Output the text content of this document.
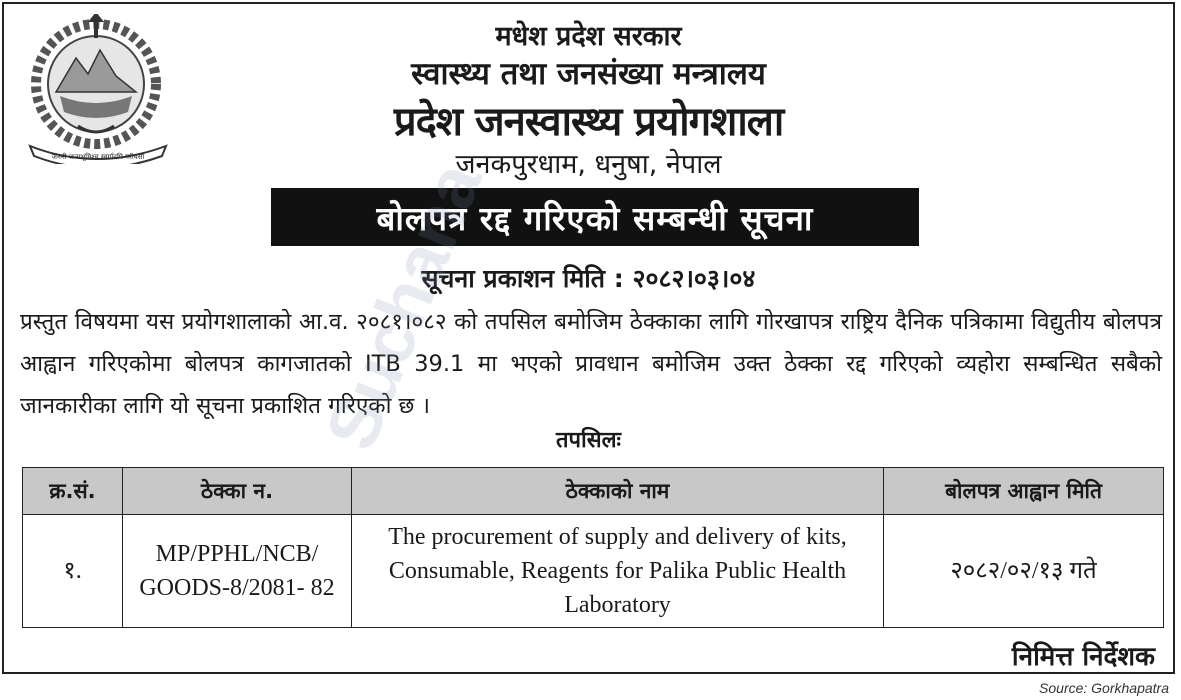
जननी जन्मभूमिश्च स्वर्गादपि गरीयसी
मधेश प्रदेश सरकार
स्वास्थ्य तथा जनसंख्या मन्त्रालय
प्रदेश जनस्वास्थ्य प्रयोगशाला
जनकपुरधाम, धनुषा, नेपाल
बोलपत्र रद्द गरिएको सम्बन्धी सूचना
सूचना प्रकाशन मिति : २०८२।०३।०४
प्रस्तुत विषयमा यस प्रयोगशालाको आ.व. २०८१।०८२ को तपसिल बमोजिम ठेक्काका लागि गोरखापत्र राष्ट्रिय दैनिक पत्रिकामा विद्युतीय बोलपत्र आह्वान गरिएकोमा बोलपत्र कागजातको ITB 39.1 मा भएको प्रावधान बमोजिम उक्त ठेक्का रद्द गरिएको व्यहोरा सम्बन्धित सबैको जानकारीका लागि यो सूचना प्रकाशित गरिएको छ ।
तपसिलः
क्र.सं.	ठेक्का न.	ठेक्काको नाम	बोलपत्र आह्वान मिति
१.	MP/PPHL/NCB/ GOODS-8/2081- 82	The procurement of supply and delivery of kits, Consumable, Reagents for Palika Public Health Laboratory	२०८२/०२/१३ गते
निमित्त निर्देशक
Source: Gorkhapatra
